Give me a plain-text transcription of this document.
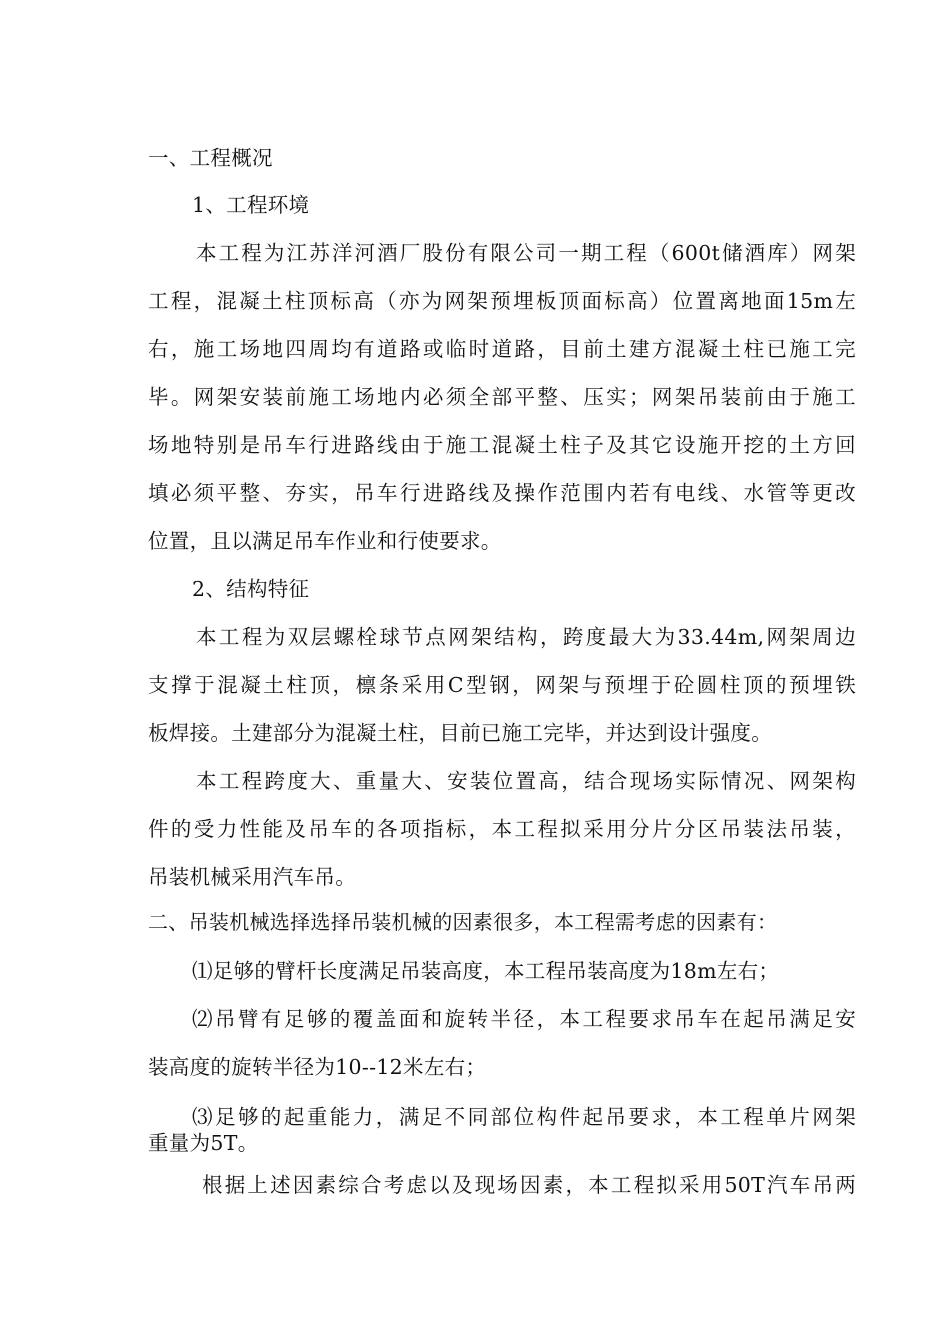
一、工程概况
1、工程环境
本工程为江苏洋河酒厂股份有限公司一期工程（600t储酒库）网架
工程，混凝土柱顶标高（亦为网架预埋板顶面标高）位置离地面15m左
右，施工场地四周均有道路或临时道路，目前土建方混凝土柱已施工完
毕。网架安装前施工场地内必须全部平整、压实；网架吊装前由于施工
场地特别是吊车行进路线由于施工混凝土柱子及其它设施开挖的土方回
填必须平整、夯实，吊车行进路线及操作范围内若有电线、水管等更改
位置，且以满足吊车作业和行使要求。
2、结构特征
本工程为双层螺栓球节点网架结构，跨度最大为33.44m,网架周边
支撑于混凝土柱顶，檩条采用C型钢，网架与预埋于砼圆柱顶的预埋铁
板焊接。土建部分为混凝土柱，目前已施工完毕，并达到设计强度。
本工程跨度大、重量大、安装位置高，结合现场实际情况、网架构
件的受力性能及吊车的各项指标，本工程拟采用分片分区吊装法吊装，
吊装机械采用汽车吊。
二、吊装机械选择选择吊装机械的因素很多，本工程需考虑的因素有：
⑴足够的臂杆长度满足吊装高度，本工程吊装高度为18m左右；
⑵吊臂有足够的覆盖面和旋转半径，本工程要求吊车在起吊满足安
装高度的旋转半径为10--12米左右；
⑶足够的起重能力，满足不同部位构件起吊要求，本工程单片网架
重量为5T。
根据上述因素综合考虑以及现场因素，本工程拟采用50T汽车吊两
